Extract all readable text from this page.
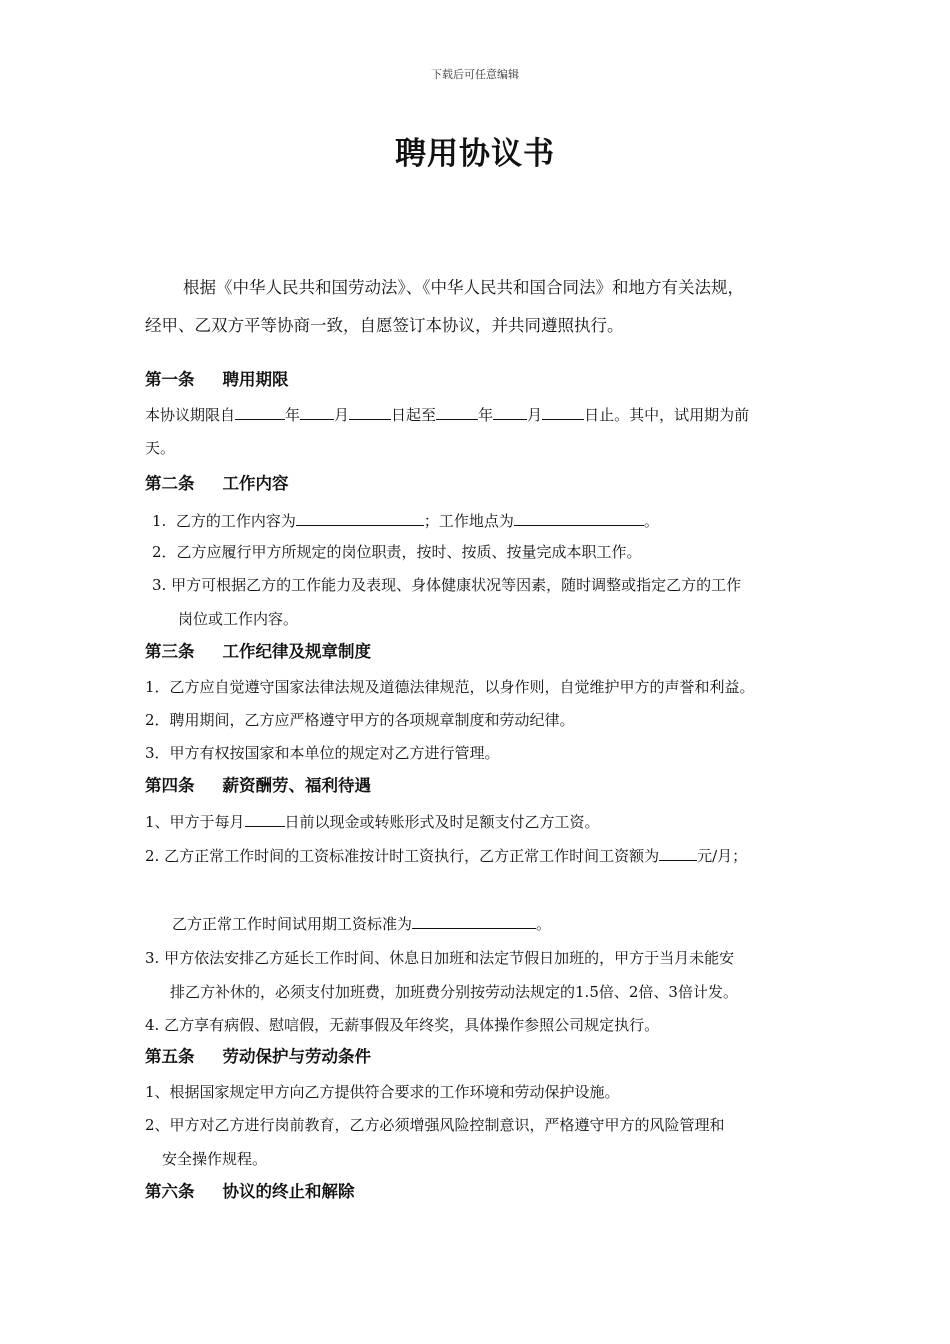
下载后可任意编辑
聘用协议书
根据《中华人民共和国劳动法》、《中华人民共和国合同法》和地方有关法规，
经甲、乙双方平等协商一致，自愿签订本协议，并共同遵照执行。
第一条 聘用期限
本协议期限自	年 月	日起至	年 月	日止。其中，试用期为前
天。
第二条 工作内容
1. 乙方的工作内容为	；工作地点为	。
2．乙方应履行甲方所规定的岗位职责，按时、按质、按量完成本职工作。
3. 甲方可根据乙方的工作能力及表现、身体健康状况等因素，随时调整或指定乙方的工作
岗位或工作内容。
第三条 工作纪律及规章制度
1．乙方应自觉遵守国家法律法规及道德法律规范，以身作则，自觉维护甲方的声誉和利益。
2．聘用期间，乙方应严格遵守甲方的各项规章制度和劳动纪律。
3．甲方有权按国家和本单位的规定对乙方进行管理。
第四条 薪资酬劳、福利待遇
1、甲方于每月	日前以现金或转账形式及时足额支付乙方工资。
2. 乙方正常工作时间的工资标准按计时工资执行，乙方正常工作时间工资额为	元/月；
乙方正常工作时间试用期工资标准为	。
3. 甲方依法安排乙方延长工作时间、休息日加班和法定节假日加班的，甲方于当月未能安
排乙方补休的，必须支付加班费，加班费分别按劳动法规定的1.5倍、2倍、3倍计发。
4. 乙方享有病假、慰唁假，无薪事假及年终奖，具体操作参照公司规定执行。
第五条 劳动保护与劳动条件
1、根据国家规定甲方向乙方提供符合要求的工作环境和劳动保护设施。
2、甲方对乙方进行岗前教育，乙方必须增强风险控制意识，严格遵守甲方的风险管理和
安全操作规程。
第六条 协议的终止和解除
